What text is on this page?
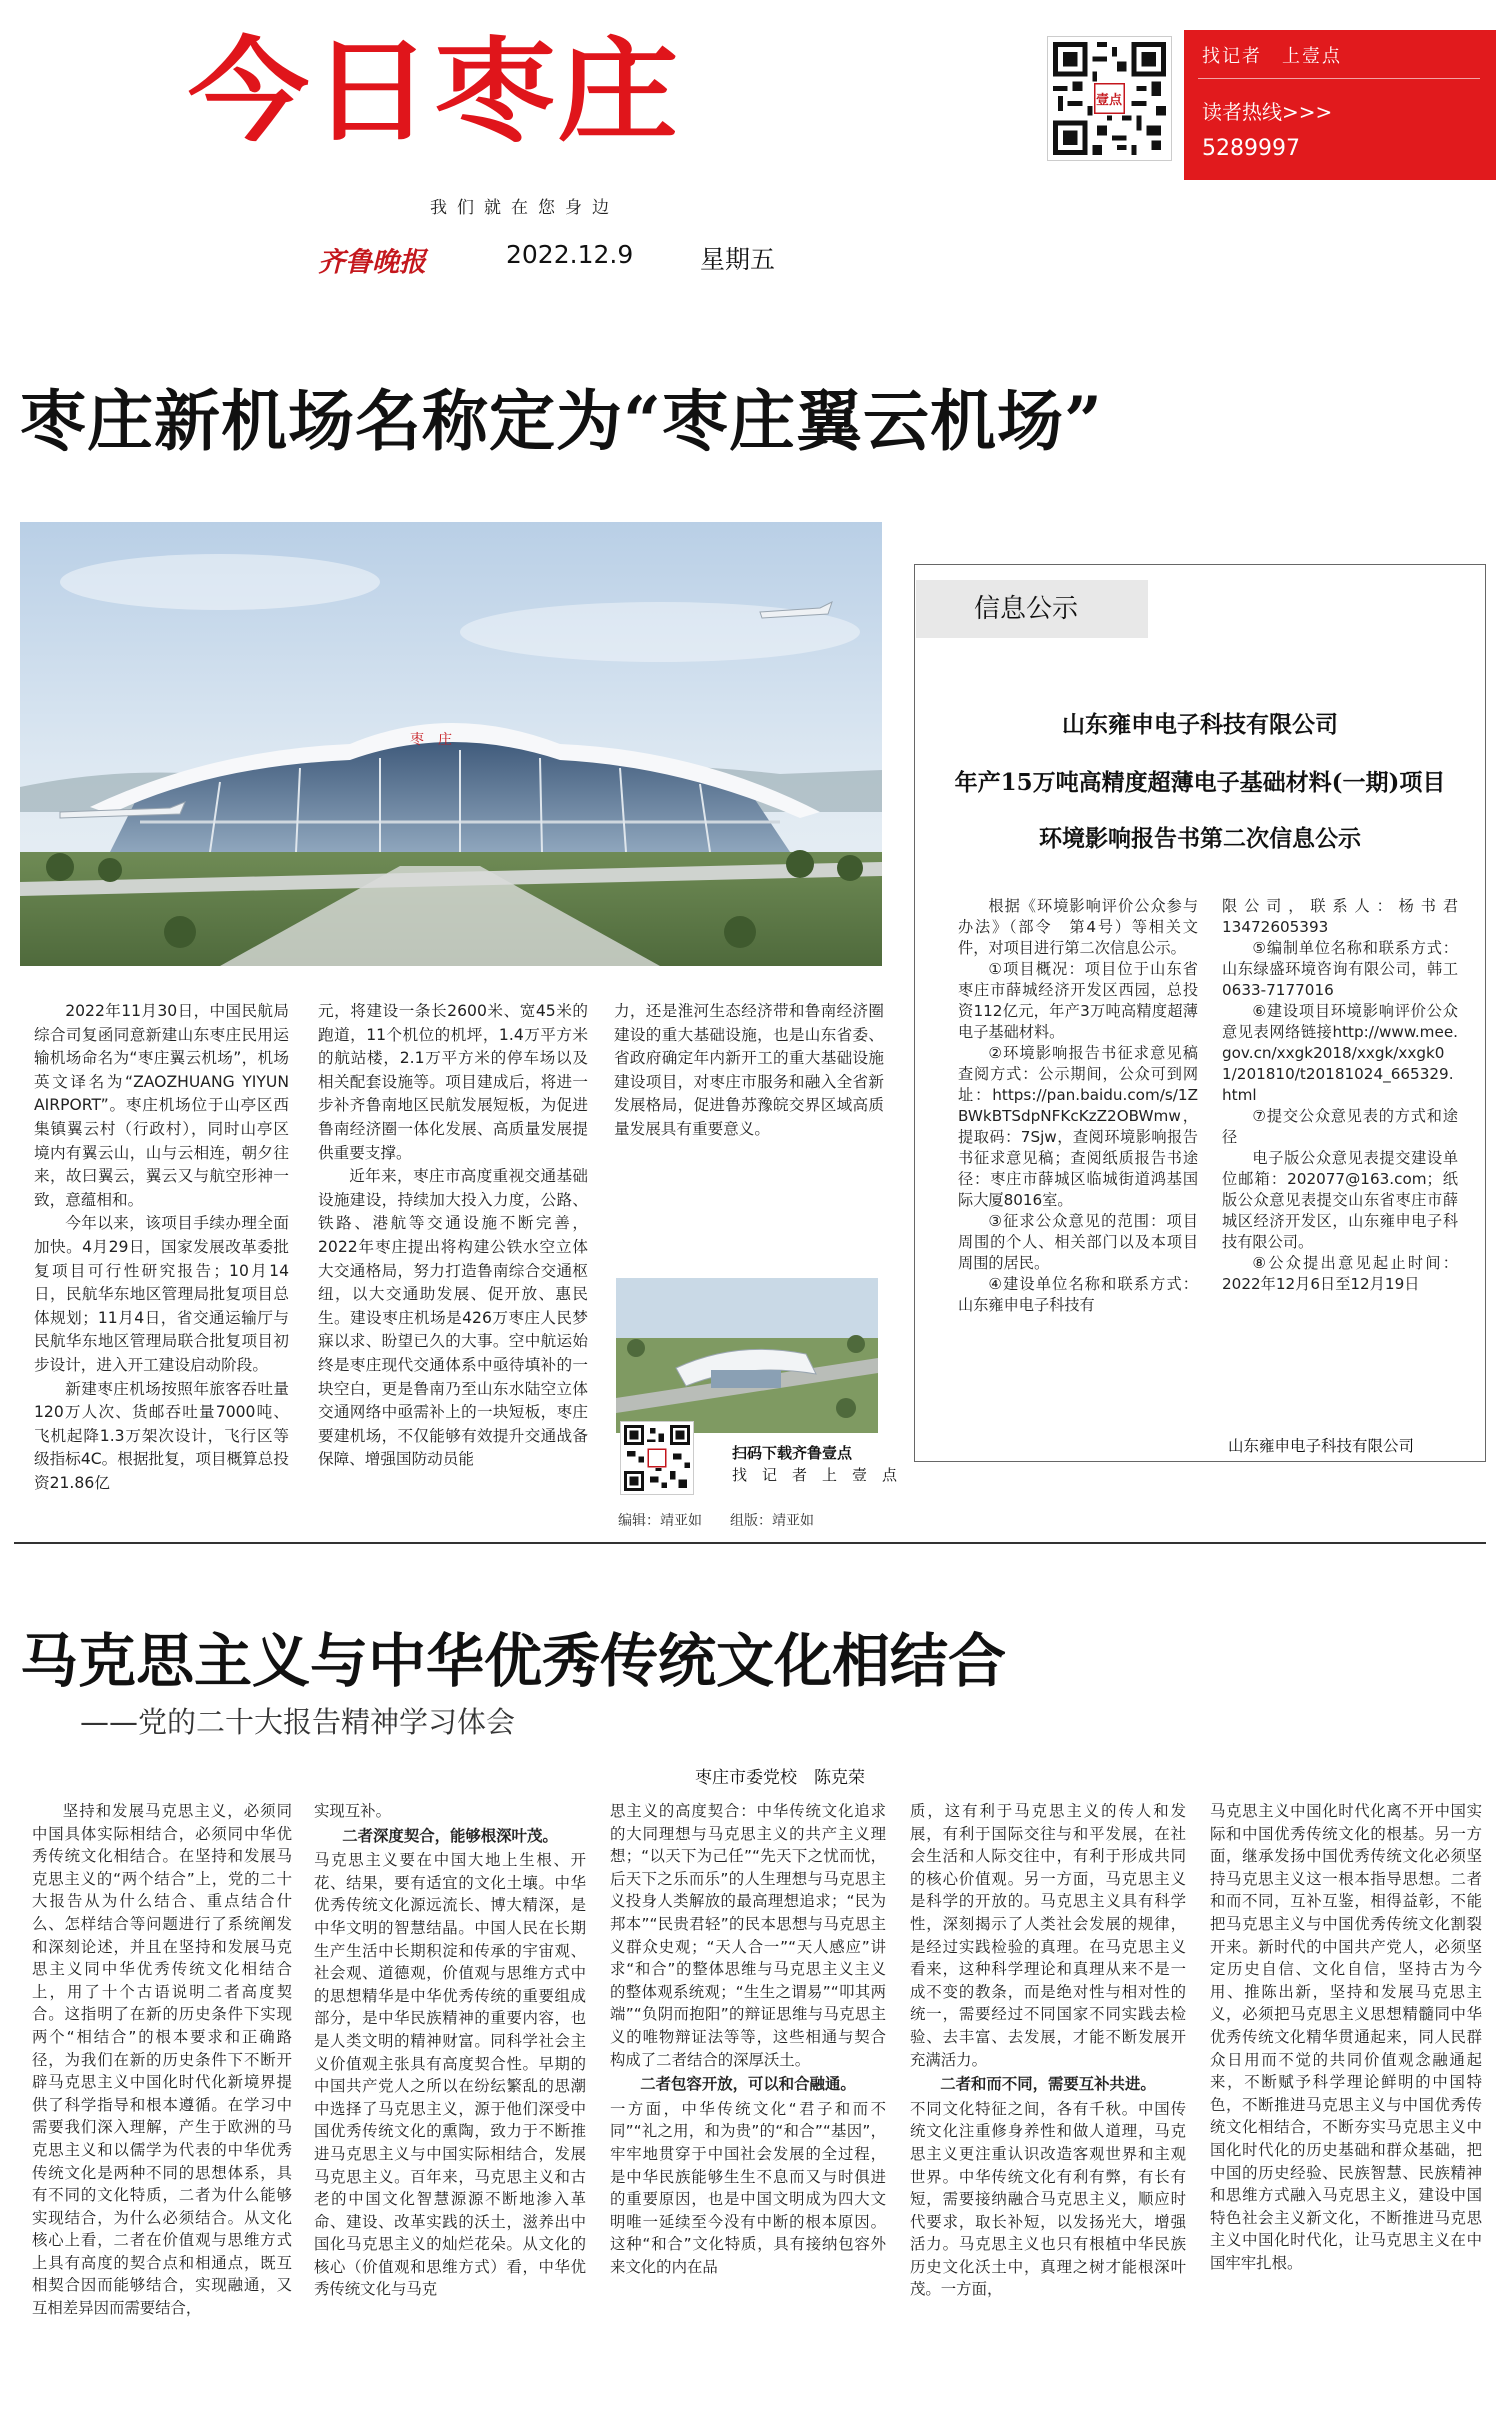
今日枣庄
我们就在您身边
齐鲁晚报	2022.12.9	星期五
壹点
找记者　上壹点
读者热线>>>
5289997
枣庄新机场名称定为“枣庄翼云机场”
枣　庄

2022年11月30日，中国民航局综合司复函同意新建山东枣庄民用运输机场命名为“枣庄翼云机场”，机场英文译名为“ZAOZHUANG YIYUN AIRPORT”。枣庄机场位于山亭区西集镇翼云村（行政村），同时山亭区境内有翼云山，山与云相连，朝夕往来，故曰翼云，翼云又与航空形神一致，意蕴相和。

今年以来，该项目手续办理全面加快。4月29日，国家发展改革委批复项目可行性研究报告；10月14日，民航华东地区管理局批复项目总体规划；11月4日，省交通运输厅与民航华东地区管理局联合批复项目初步设计，进入开工建设启动阶段。

新建枣庄机场按照年旅客吞吐量120万人次、货邮吞吐量7000吨、飞机起降1.3万架次设计，飞行区等级指标4C。根据批复，项目概算总投资21.86亿

元，将建设一条长2600米、宽45米的跑道，11个机位的机坪，1.4万平方米的航站楼，2.1万平方米的停车场以及相关配套设施等。项目建成后，将进一步补齐鲁南地区民航发展短板，为促进鲁南经济圈一体化发展、高质量发展提供重要支撑。

近年来，枣庄市高度重视交通基础设施建设，持续加大投入力度，公路、铁路、港航等交通设施不断完善，2022年枣庄提出将构建公铁水空立体大交通格局，努力打造鲁南综合交通枢纽，以大交通助发展、促开放、惠民生。建设枣庄机场是426万枣庄人民梦寐以求、盼望已久的大事。空中航运始终是枣庄现代交通体系中亟待填补的一块空白，更是鲁南乃至山东水陆空立体交通网络中亟需补上的一块短板，枣庄要建机场，不仅能够有效提升交通战备保障、增强国防动员能

力，还是淮河生态经济带和鲁南经济圈建设的重大基础设施，也是山东省委、省政府确定年内新开工的重大基础设施建设项目，对枣庄市服务和融入全省新发展格局，促进鲁苏豫皖交界区域高质量发展具有重要意义。

扫码下载齐鲁壹点
找　记　者　上　壹　点
编辑：靖亚如　　组版：靖亚如
信息公示
山东雍申电子科技有限公司
年产15万吨高精度超薄电子基础材料(一期)项目
环境影响报告书第二次信息公示

根据《环境影响评价公众参与办法》（部令　第4号）等相关文件，对项目进行第二次信息公示。

①项目概况：项目位于山东省枣庄市薛城经济开发区西园，总投资112亿元，年产3万吨高精度超薄电子基础材料。

②环境影响报告书征求意见稿查阅方式：公示期间，公众可到网址：https://pan.baidu.com/s/1ZBWkBTSdpNFKcKzZ2OBWmw，提取码：7Sjw，查阅环境影响报告书征求意见稿；查阅纸质报告书途径：枣庄市薛城区临城街道鸿基国际大厦8016室。

③征求公众意见的范围：项目周围的个人、相关部门以及本项目周围的居民。

④建设单位名称和联系方式：山东雍申电子科技有

限公司，联系人：杨书君13472605393

⑤编制单位名称和联系方式：山东绿盛环境咨询有限公司，韩工0633-7177016

⑥建设项目环境影响评价公众意见表网络链接http://www.mee.gov.cn/xxgk2018/xxgk/xxgk01/201810/t20181024_665329.html

⑦提交公众意见表的方式和途径

电子版公众意见表提交建设单位邮箱：202077@163.com；纸版公众意见表提交山东省枣庄市薛城区经济开发区，山东雍申电子科技有限公司。

⑧公众提出意见起止时间：2022年12月6日至12月19日

山东雍申电子科技有限公司
马克思主义与中华优秀传统文化相结合
——党的二十大报告精神学习体会
枣庄市委党校　陈克荣

坚持和发展马克思主义，必须同中国具体实际相结合，必须同中华优秀传统文化相结合。在坚持和发展马克思主义的“两个结合”上，党的二十大报告从为什么结合、重点结合什么、怎样结合等问题进行了系统阐发和深刻论述，并且在坚持和发展马克思主义同中华优秀传统文化相结合上，用了十个古语说明二者高度契合。这指明了在新的历史条件下实现两个“相结合”的根本要求和正确路径，为我们在新的历史条件下不断开辟马克思主义中国化时代化新境界提供了科学指导和根本遵循。在学习中需要我们深入理解，产生于欧洲的马克思主义和以儒学为代表的中华优秀传统文化是两种不同的思想体系，具有不同的文化特质，二者为什么能够实现结合，为什么必须结合。从文化核心上看，二者在价值观与思维方式上具有高度的契合点和相通点，既互相契合因而能够结合，实现融通，又互相差异因而需要结合，

实现互补。

二者深度契合，能够根深叶茂。

马克思主义要在中国大地上生根、开花、结果，要有适宜的文化土壤。中华优秀传统文化源远流长、博大精深，是中华文明的智慧结晶。中国人民在长期生产生活中长期积淀和传承的宇宙观、社会观、道德观，价值观与思维方式中的思想精华是中华优秀传统的重要组成部分，是中华民族精神的重要内容，也是人类文明的精神财富。同科学社会主义价值观主张具有高度契合性。早期的中国共产党人之所以在纷纭繁乱的思潮中选择了马克思主义，源于他们深受中国优秀传统文化的熏陶，致力于不断推进马克思主义与中国实际相结合，发展马克思主义。百年来，马克思主义和古老的中国文化智慧源源不断地渗入革命、建设、改革实践的沃土，滋养出中国化马克思主义的灿烂花朵。从文化的核心（价值观和思维方式）看，中华优秀传统文化与马克

思主义的高度契合：中华传统文化追求的大同理想与马克思主义的共产主义理想；“以天下为己任”“先天下之忧而忧，后天下之乐而乐”的人生理想与马克思主义投身人类解放的最高理想追求；“民为邦本”“民贵君轻”的民本思想与马克思主义群众史观；“天人合一”“天人感应”讲求“和合”的整体思维与马克思主义主义的整体观系统观；“生生之谓易”“叩其两端”“负阴而抱阳”的辩证思维与马克思主义的唯物辩证法等等，这些相通与契合构成了二者结合的深厚沃土。

二者包容开放，可以和合融通。

一方面，中华传统文化“君子和而不同”“礼之用，和为贵”的“和合”“基因”，牢牢地贯穿于中国社会发展的全过程，是中华民族能够生生不息而又与时俱进的重要原因，也是中国文明成为四大文明唯一延续至今没有中断的根本原因。这种“和合”文化特质，具有接纳包容外来文化的内在品

质，这有利于马克思主义的传人和发展，有利于国际交往与和平发展，在社会生活和人际交往中，有利于形成共同的核心价值观。另一方面，马克思主义是科学的开放的。马克思主义具有科学性，深刻揭示了人类社会发展的规律，是经过实践检验的真理。在马克思主义看来，这种科学理论和真理从来不是一成不变的教条，而是绝对性与相对性的统一，需要经过不同国家不同实践去检验、去丰富、去发展，才能不断发展开充满活力。

二者和而不同，需要互补共进。

不同文化特征之间，各有千秋。中国传统文化注重修身养性和做人道理，马克思主义更注重认识改造客观世界和主观世界。中华传统文化有利有弊，有长有短，需要接纳融合马克思主义，顺应时代要求，取长补短，以发扬光大，增强活力。马克思主义也只有根植中华民族历史文化沃土中，真理之树才能根深叶茂。一方面，

马克思主义中国化时代化离不开中国实际和中国优秀传统文化的根基。另一方面，继承发扬中国优秀传统文化必须坚持马克思主义这一根本指导思想。二者和而不同，互补互鉴，相得益彰，不能把马克思主义与中国优秀传统文化割裂开来。新时代的中国共产党人，必须坚定历史自信、文化自信，坚持古为今用、推陈出新，坚持和发展马克思主义，必须把马克思主义思想精髓同中华优秀传统文化精华贯通起来，同人民群众日用而不觉的共同价值观念融通起来，不断赋予科学理论鲜明的中国特色，不断推进马克思主义与中国优秀传统文化相结合，不断夯实马克思主义中国化时代化的历史基础和群众基础，把中国的历史经验、民族智慧、民族精神和思维方式融入马克思主义，建设中国特色社会主义新文化，不断推进马克思主义中国化时代化，让马克思主义在中国牢牢扎根。
